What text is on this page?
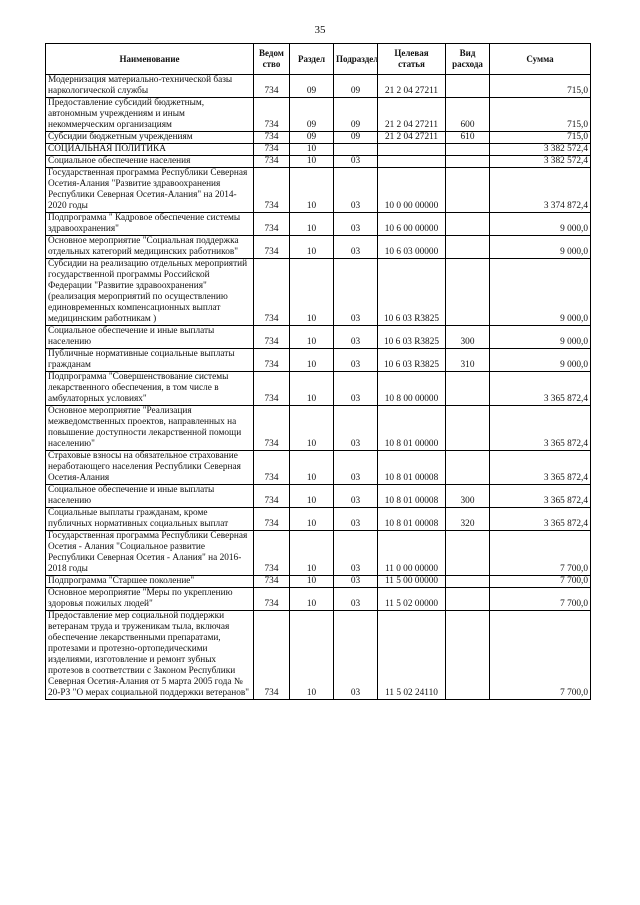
35
Наименование	Ведом ство	Раздел	Подраздел	Целевая статья	Вид расхода	Сумма
Модернизация материально-технической базы наркологической службы	734	09	09	21 2 04 27211		715,0
Предоставление субсидий бюджетным, автономным учреждениям и иным некоммерческим организациям	734	09	09	21 2 04 27211	600	715,0
Субсидии бюджетным учреждениям	734	09	09	21 2 04 27211	610	715,0
СОЦИАЛЬНАЯ ПОЛИТИКА	734	10				3 382 572,4
Социальное обеспечение населения	734	10	03			3 382 572,4
Государственная программа Республики Северная Осетия-Алания "Развитие здравоохранения Республики Северная Осетия-Алания" на 2014-2020 годы	734	10	03	10 0 00 00000		3 374 872,4
Подпрограмма " Кадровое обеспечение системы здравоохранения"	734	10	03	10 6 00 00000		9 000,0
Основное мероприятие "Социальная поддержка отдельных категорий медицинских работников"	734	10	03	10 6 03 00000		9 000,0
Субсидии на реализацию отдельных мероприятий государственной программы Российской Федерации "Развитие здравоохранения" (реализация мероприятий по осуществлению единовременных компенсационных выплат медицинским работникам )	734	10	03	10 6 03 R3825		9 000,0
Социальное обеспечение и иные выплаты населению	734	10	03	10 6 03 R3825	300	9 000,0
Публичные нормативные социальные выплаты гражданам	734	10	03	10 6 03 R3825	310	9 000,0
Подпрограмма "Совершенствование системы лекарственного обеспечения, в том числе в амбулаторных условиях"	734	10	03	10 8 00 00000		3 365 872,4
Основное мероприятие "Реализация межведомственных проектов, направленных на повышение доступности лекарственной помощи населению"	734	10	03	10 8 01 00000		3 365 872,4
Страховые взносы на обязательное страхование неработающего населения Республики Северная Осетия-Алания	734	10	03	10 8 01 00008		3 365 872,4
Социальное обеспечение и иные выплаты населению	734	10	03	10 8 01 00008	300	3 365 872,4
Социальные выплаты гражданам, кроме публичных нормативных социальных выплат	734	10	03	10 8 01 00008	320	3 365 872,4
Государственная программа Республики Северная Осетия - Алания "Социальное развитие Республики Северная Осетия - Алания" на 2016-2018 годы	734	10	03	11 0 00 00000		7 700,0
Подпрограмма "Старшее поколение"	734	10	03	11 5 00 00000		7 700,0
Основное мероприятие "Меры по укреплению здоровья пожилых людей"	734	10	03	11 5 02 00000		7 700,0
Предоставление мер социальной поддержки ветеранам труда и труженикам тыла, включая обеспечение лекарственными препаратами, протезами и протезно-ортопедическими изделиями, изготовление и ремонт зубных протезов в соответствии с Законом Республики Северная Осетия-Алания от 5 марта 2005 года № 20-РЗ "О мерах социальной поддержки ветеранов"	734	10	03	11 5 02 24110		7 700,0
